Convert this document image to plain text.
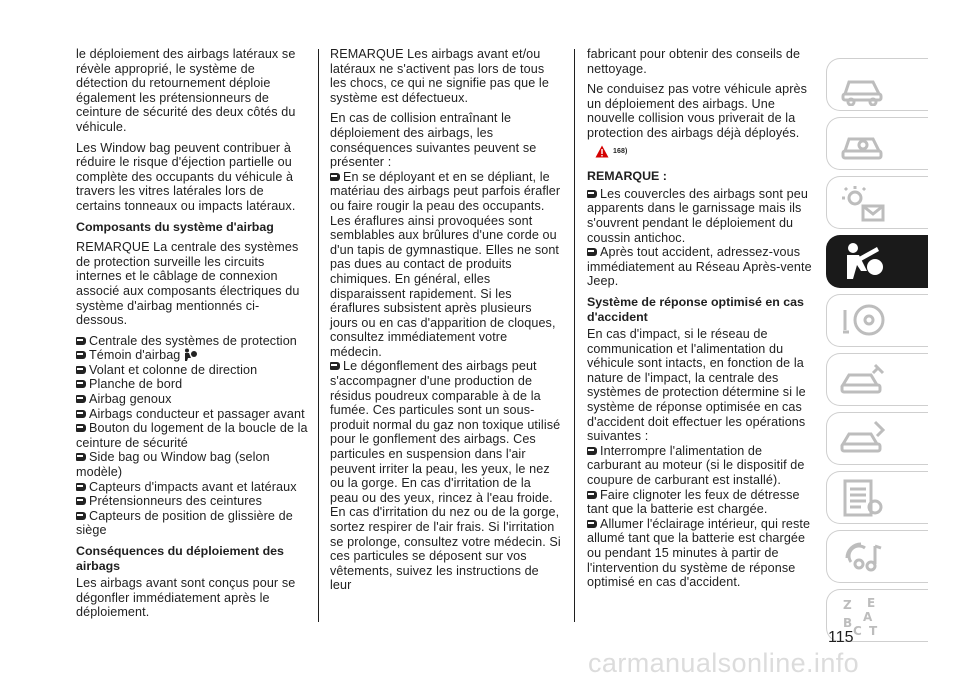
le déploiement des airbags latéraux se révèle approprié, le système de détection du retournement déploie également les prétensionneurs de ceinture de sécurité des deux côtés du véhicule.

Les Window bag peuvent contribuer à réduire le risque d'éjection partielle ou complète des occupants du véhicule à travers les vitres latérales lors de certains tonneaux ou impacts latéraux.

Composants du système d'airbag

REMARQUE La centrale des systèmes de protection surveille les circuits internes et le câblage de connexion associé aux composants électriques du système d'airbag mentionnés ci-dessous.

Centrale des systèmes de protection
Témoin d'airbag
Volant et colonne de direction
Planche de bord
Airbag genoux
Airbags conducteur et passager avant
Bouton du logement de la boucle de la ceinture de sécurité
Side bag ou Window bag (selon modèle)
Capteurs d'impacts avant et latéraux
Prétensionneurs des ceintures
Capteurs de position de glissière de siège
Conséquences du déploiement des airbags

Les airbags avant sont conçus pour se dégonfler immédiatement après le déploiement.

REMARQUE Les airbags avant et/ou latéraux ne s'activent pas lors de tous les chocs, ce qui ne signifie pas que le système est défectueux.

En cas de collision entraînant le déploiement des airbags, les conséquences suivantes peuvent se présenter :

En se déployant et en se dépliant, le matériau des airbags peut parfois érafler ou faire rougir la peau des occupants. Les éraflures ainsi provoquées sont semblables aux brûlures d'une corde ou d'un tapis de gymnastique. Elles ne sont pas dues au contact de produits chimiques. En général, elles disparaissent rapidement. Si les éraflures subsistent après plusieurs jours ou en cas d'apparition de cloques, consultez immédiatement votre médecin.
Le dégonflement des airbags peut s'accompagner d'une production de résidus poudreux comparable à de la fumée. Ces particules sont un sous-produit normal du gaz non toxique utilisé pour le gonflement des airbags. Ces particules en suspension dans l'air peuvent irriter la peau, les yeux, le nez ou la gorge. En cas d'irritation de la peau ou des yeux, rincez à l'eau froide. En cas d'irritation du nez ou de la gorge, sortez respirer de l'air frais. Si l'irritation se prolonge, consultez votre médecin. Si ces particules se déposent sur vos vêtements, suivez les instructions de leur

fabricant pour obtenir des conseils de nettoyage.

Ne conduisez pas votre véhicule après un déploiement des airbags. Une nouvelle collision vous priverait de la protection des airbags déjà déployés.

168)
REMARQUE :
Les couvercles des airbags sont peu apparents dans le garnissage mais ils s'ouvrent pendant le déploiement du coussin antichoc.
Après tout accident, adressez-vous immédiatement au Réseau Après-vente Jeep.
Système de réponse optimisé en cas d'accident

En cas d'impact, si le réseau de communication et l'alimentation du véhicule sont intacts, en fonction de la nature de l'impact, la centrale des systèmes de protection détermine si le système de réponse optimisée en cas d'accident doit effectuer les opérations suivantes :

Interrompre l'alimentation de carburant au moteur (si le dispositif de coupure de carburant est installé).
Faire clignoter les feux de détresse tant que la batterie est chargée.
Allumer l'éclairage intérieur, qui reste allumé tant que la batterie est chargée ou pendant 15 minutes à partir de l'intervention du système de réponse optimisé en cas d'accident.
Z E
A
B
C T
115
carmanualsonline.info
